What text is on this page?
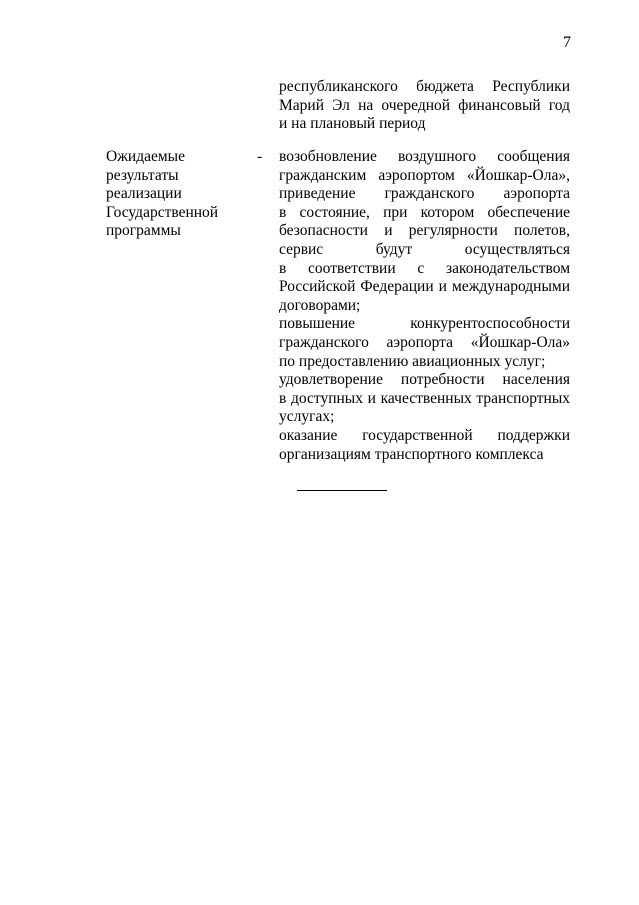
7
республиканского бюджета Республики
Марий Эл на очередной финансовый год
и на плановый период
Ожидаемые
результаты
реализации
Государственной
программы
- возобновление воздушного сообщения
гражданским аэропортом «Йошкар-Ола»,
приведение гражданского аэропорта
в состояние, при котором обеспечение
безопасности и регулярности полетов,
сервис будут осуществляться
в соответствии с законодательством
Российской Федерации и международными
договорами;
повышение конкурентоспособности
гражданского аэропорта «Йошкар-Ола»
по предоставлению авиационных услуг;
удовлетворение потребности населения
в доступных и качественных транспортных
услугах;
оказание государственной поддержки
организациям транспортного комплекса
